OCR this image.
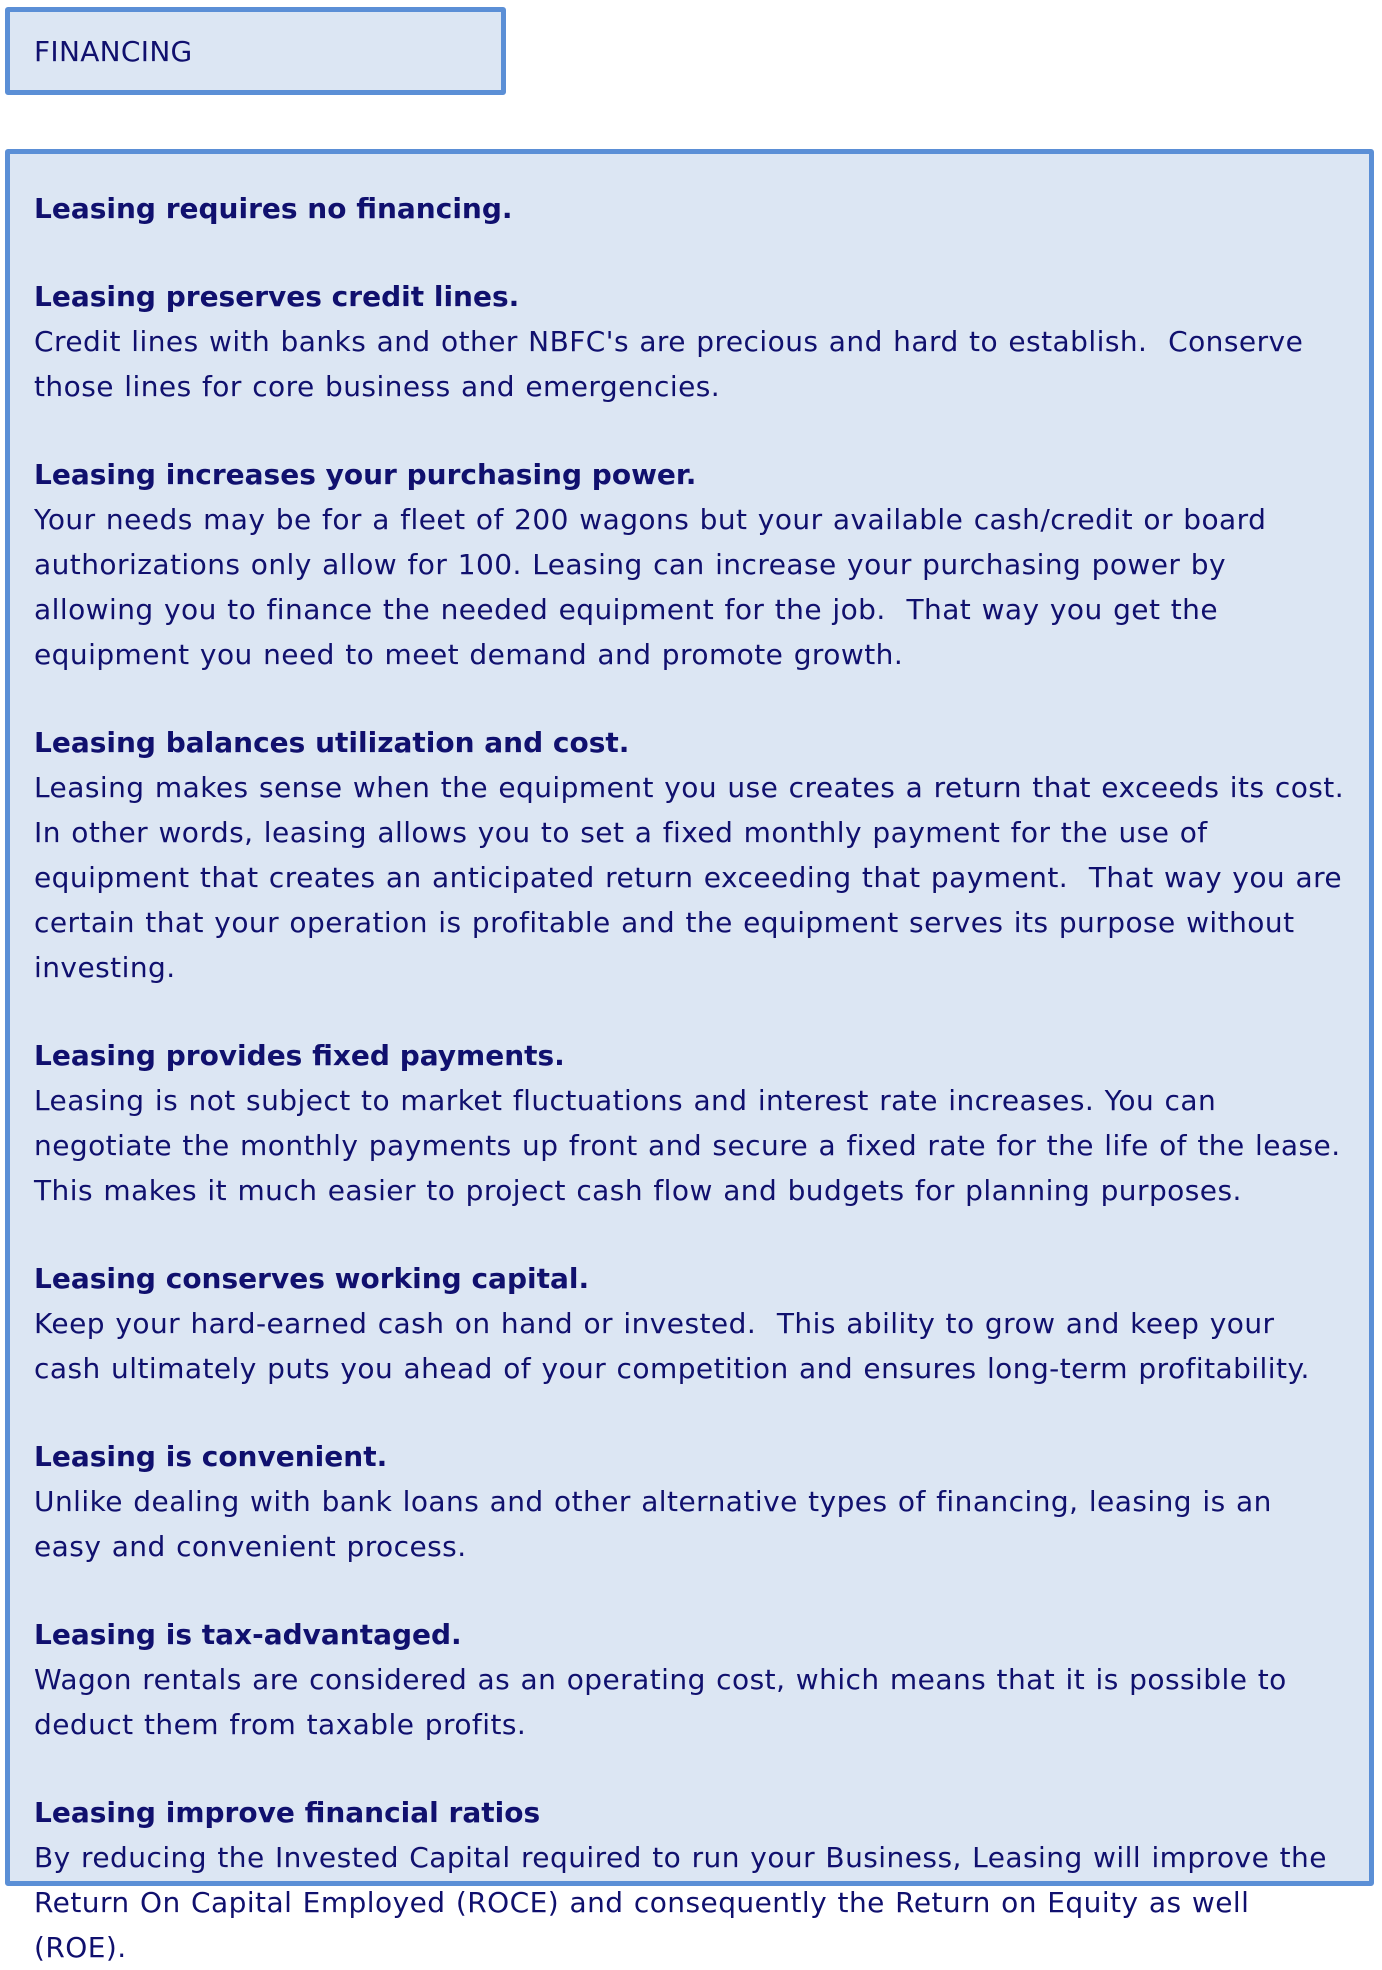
FINANCING

Leasing requires no financing.

Leasing preserves credit lines.

Credit lines with banks and other NBFC's are precious and hard to establish.  Conserve those lines for core business and emergencies.

Leasing increases your purchasing power.

Your needs may be for a fleet of 200 wagons but your available cash/credit or board authorizations only allow for 100. Leasing can increase your purchasing power by allowing you to finance the needed equipment for the job.  That way you get the equipment you need to meet demand and promote growth.

Leasing balances utilization and cost.

Leasing makes sense when the equipment you use creates a return that exceeds its cost.  In other words, leasing allows you to set a fixed monthly payment for the use of equipment that creates an anticipated return exceeding that payment.  That way you are certain that your operation is profitable and the equipment serves its purpose without investing.

Leasing provides fixed payments.

Leasing is not subject to market fluctuations and interest rate increases. You can negotiate the monthly payments up front and secure a fixed rate for the life of the lease. This makes it much easier to project cash flow and budgets for planning purposes.

Leasing conserves working capital.

Keep your hard-earned cash on hand or invested.  This ability to grow and keep your cash ultimately puts you ahead of your competition and ensures long-term profitability.

Leasing is convenient.

Unlike dealing with bank loans and other alternative types of financing, leasing is an easy and convenient process.

Leasing is tax-advantaged.

Wagon rentals are considered as an operating cost, which means that it is possible to deduct them from taxable profits.

Leasing improve financial ratios

By reducing the Invested Capital required to run your Business, Leasing will improve the Return On Capital Employed (ROCE) and consequently the Return on Equity as well (ROE).
